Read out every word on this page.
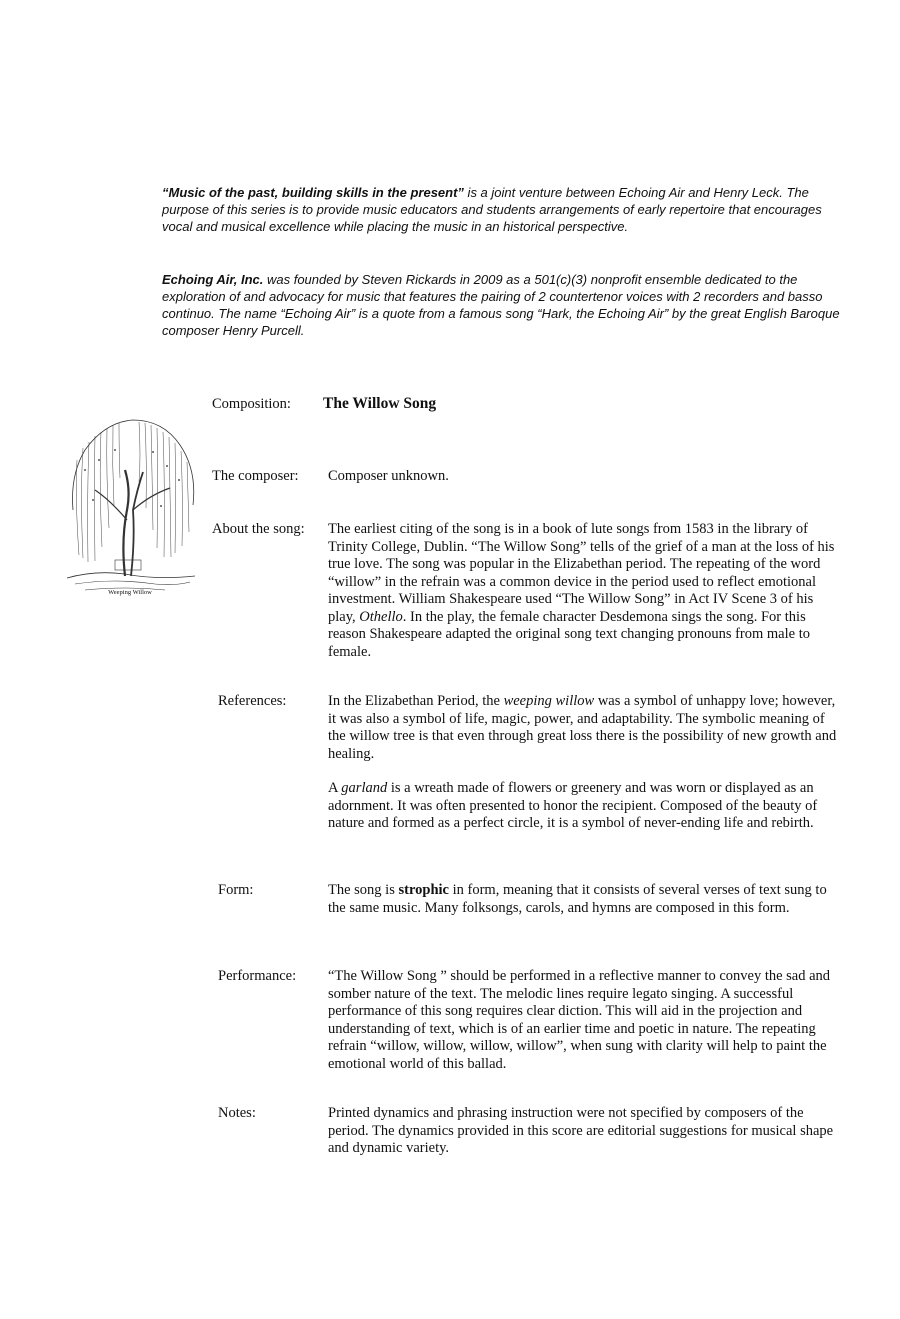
“Music of the past, building skills in the present” is a joint venture between Echoing Air and Henry Leck. The purpose of this series is to provide music educators and students arrangements of early repertoire that encourages vocal and musical excellence while placing the music in an historical perspective.

Echoing Air, Inc. was founded by Steven Rickards in 2009 as a 501(c)(3) nonprofit ensemble dedicated to the exploration of and advocacy for music that features the pairing of 2 countertenor voices with 2 recorders and basso continuo. The name “Echoing Air” is a quote from a famous song “Hark, the Echoing Air” by the great English Baroque composer Henry Purcell.

Weeping Willow

Composition: The Willow Song

The composer: Composer unknown.

About the song: The earliest citing of the song is in a book of lute songs from 1583 in the library of Trinity College, Dublin. “The Willow Song” tells of the grief of a man at the loss of his true love. The song was popular in the Elizabethan period. The repeating of the word “willow” in the refrain was a common device in the period used to reflect emotional investment. William Shakespeare used “The Willow Song” in Act IV Scene 3 of his play, Othello. In the play, the female character Desdemona sings the song. For this reason Shakespeare adapted the original song text changing pronouns from male to female.

References:	In the Elizabethan Period, the weeping willow was a symbol of unhappy love; however, it was also a symbol of life, magic, power, and adaptability. The symbolic meaning of the willow tree is that even through great loss there is the possibility of new growth and healing.

A garland is a wreath made of flowers or greenery and was worn or displayed as an adornment. It was often presented to honor the recipient. Composed of the beauty of nature and formed as a perfect circle, it is a symbol of never-ending life and rebirth.

Form:	The song is strophic in form, meaning that it consists of several verses of text sung to the same music. Many folksongs, carols, and hymns are composed in this form.

Performance: “The Willow Song ” should be performed in a reflective manner to convey the sad and somber nature of the text. The melodic lines require legato singing. A successful performance of this song requires clear diction. This will aid in the projection and understanding of text, which is of an earlier time and poetic in nature. The repeating refrain “willow, willow, willow, willow”, when sung with clarity will help to paint the emotional world of this ballad.

Notes:	Printed dynamics and phrasing instruction were not specified by composers of the period. The dynamics provided in this score are editorial suggestions for musical shape and dynamic variety.
